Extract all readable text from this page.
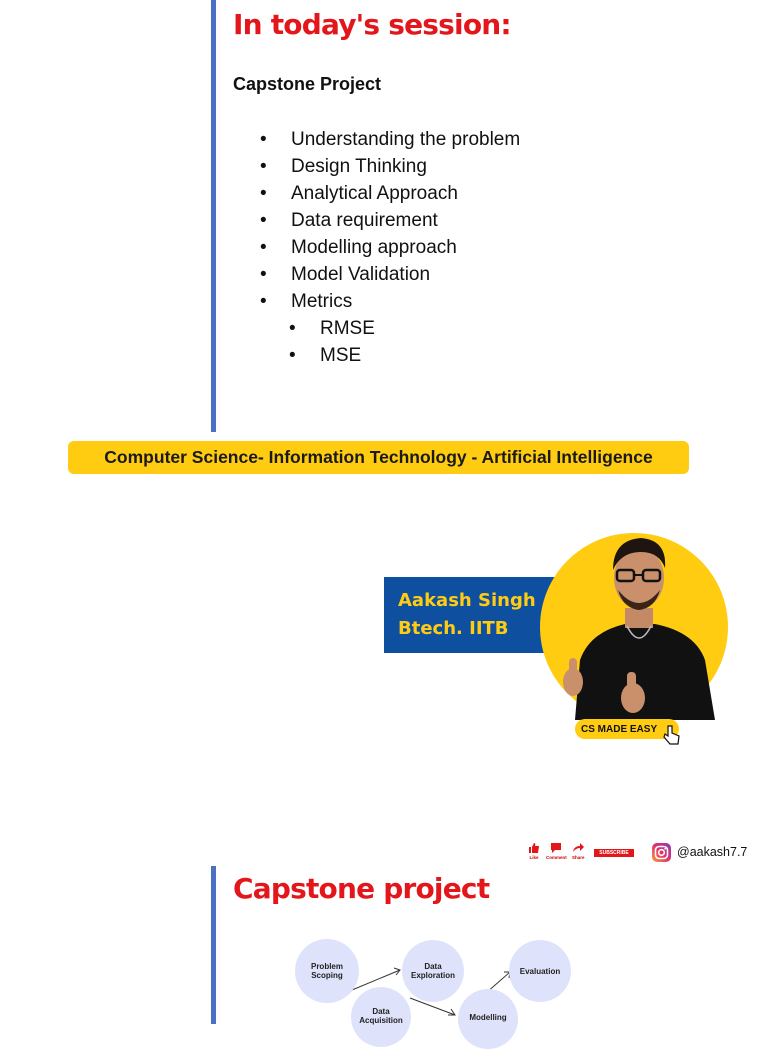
In today's session:

Capstone Project

• Understanding the problem
• Design Thinking
• Analytical Approach
• Data requirement
• Modelling approach
• Model Validation
• Metrics
• RMSE
• MSE
Computer Science- Information Technology - Artificial Intelligence
Aakash Singh
Btech. IITB
CS MADE EASY
Like Comment Share
SUBSCRIBE	@aakash7.7
Capstone project
Problem Scoping
Data Exploration	Evaluation
Data Acquisition	Modelling
